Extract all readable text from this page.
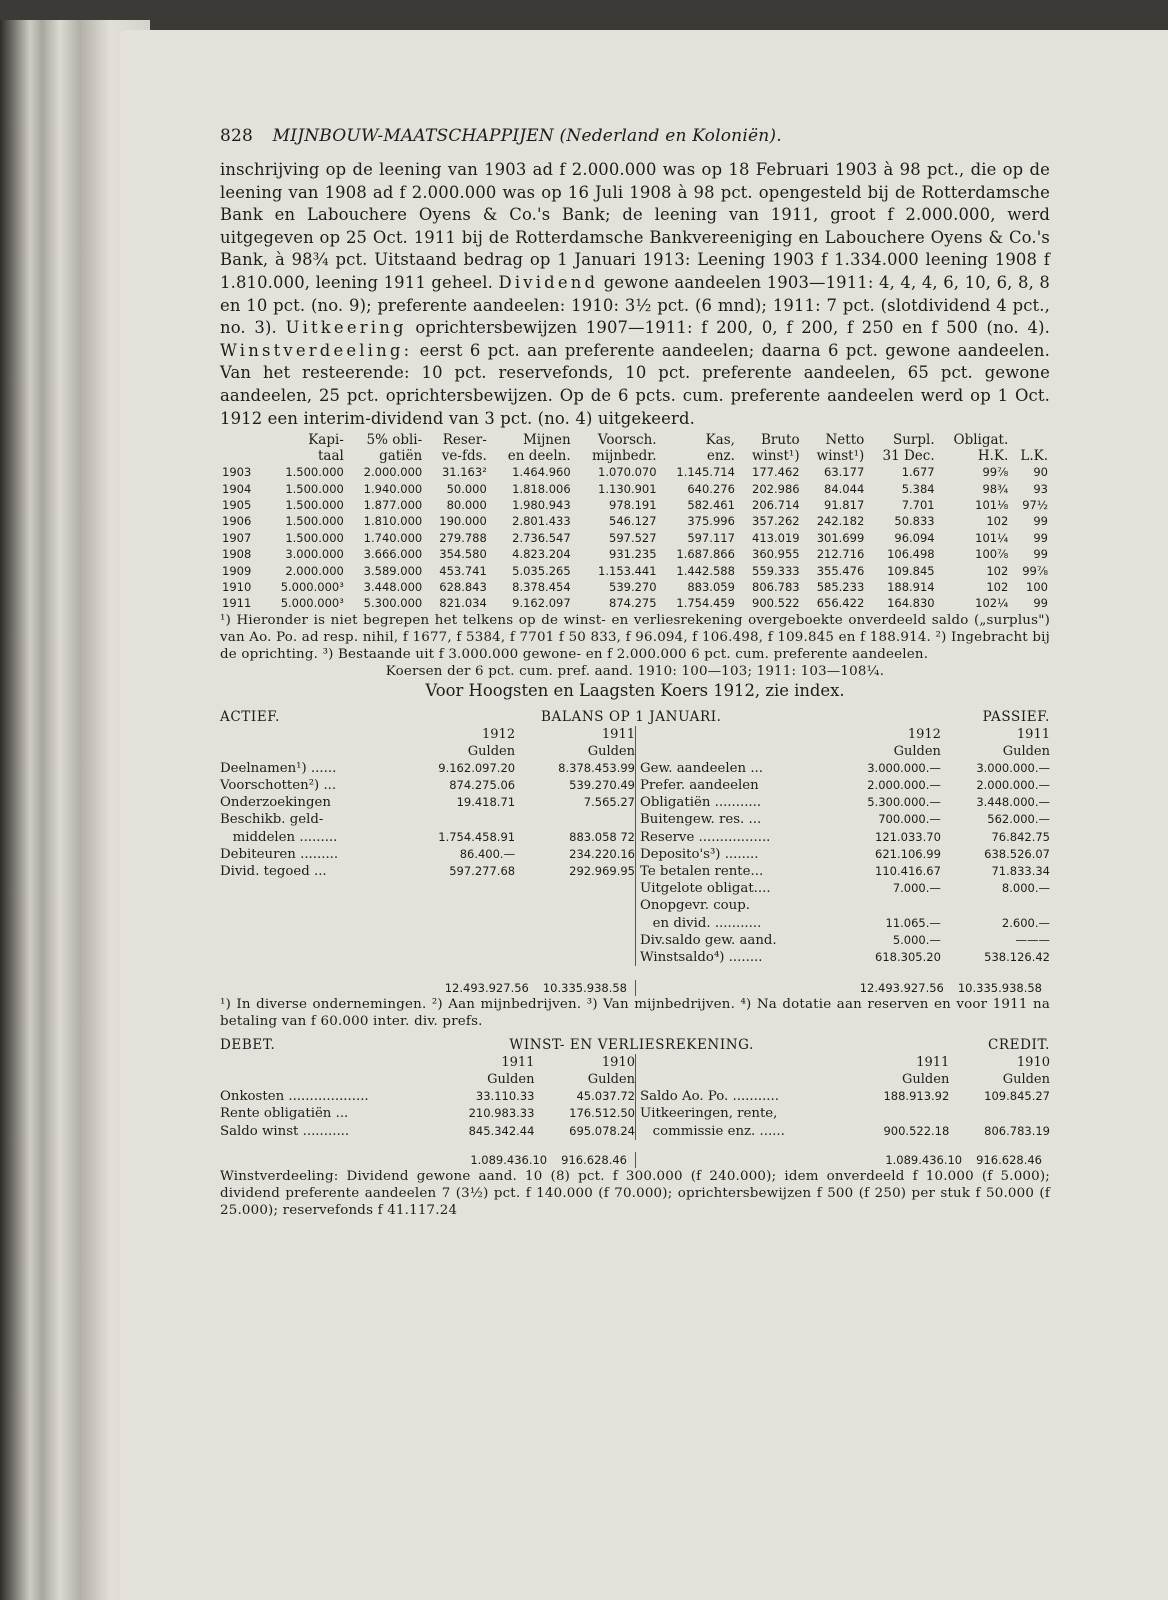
828 MIJNBOUW-MAATSCHAPPIJEN (Nederland en Koloniën).
inschrijving op de leening van 1903 ad f 2.000.000 was op 18 Februari 1903 à 98 pct., die op de leening van 1908 ad f 2.000.000 was op 16 Juli 1908 à 98 pct. opengesteld bij de Rotterdamsche Bank en Labouchere Oyens & Co.'s Bank; de leening van 1911, groot f 2.000.000, werd uitgegeven op 25 Oct. 1911 bij de Rotterdamsche Bankvereeniging en Labouchere Oyens & Co.'s Bank, à 98¾ pct. Uitstaand bedrag op 1 Januari 1913: Leening 1903 f 1.334.000 leening 1908 f 1.810.000, leening 1911 geheel. Dividend gewone aandeelen 1903—1911: 4, 4, 4, 6, 10, 6, 8, 8 en 10 pct. (no. 9); preferente aandeelen: 1910: 3½ pct. (6 mnd); 1911: 7 pct. (slotdividend 4 pct., no. 3). Uitkeering oprichtersbewijzen 1907—1911: f 200, 0, f 200, f 250 en f 500 (no. 4). Winstverdeeling: eerst 6 pct. aan preferente aandeelen; daarna 6 pct. gewone aandeelen. Van het resteerende: 10 pct. reservefonds, 10 pct. preferente aandeelen, 65 pct. gewone aandeelen, 25 pct. oprichtersbewijzen. Op de 6 pcts. cum. preferente aandeelen werd op 1 Oct. 1912 een interim-dividend van 3 pct. (no. 4) uitgekeerd.
	Kapi-	5% obli-	Reser-	Mijnen	Voorsch.	Kas,	Bruto	Netto	Surpl.	Obligat.	
	taal	gatiën	ve-fds.	en deeln.	mijnbedr.	enz.	winst¹)	winst¹)	31 Dec.	H.K.	L.K.
1903	1.500.000	2.000.000	31.163²	1.464.960	1.070.070	1.145.714	177.462	63.177	1.677	99⅞	90
1904	1.500.000	1.940.000	50.000	1.818.006	1.130.901	640.276	202.986	84.044	5.384	98¾	93
1905	1.500.000	1.877.000	80.000	1.980.943	978.191	582.461	206.714	91.817	7.701	101⅛	97½
1906	1.500.000	1.810.000	190.000	2.801.433	546.127	375.996	357.262	242.182	50.833	102	99
1907	1.500.000	1.740.000	279.788	2.736.547	597.527	597.117	413.019	301.699	96.094	101¼	99
1908	3.000.000	3.666.000	354.580	4.823.204	931.235	1.687.866	360.955	212.716	106.498	100⅞	99
1909	2.000.000	3.589.000	453.741	5.035.265	1.153.441	1.442.588	559.333	355.476	109.845	102	99⅞
1910	5.000.000³	3.448.000	628.843	8.378.454	539.270	883.059	806.783	585.233	188.914	102	100
1911	5.000.000³	5.300.000	821.034	9.162.097	874.275	1.754.459	900.522	656.422	164.830	102¼	99
¹) Hieronder is niet begrepen het telkens op de winst- en verliesrekening overgeboekte onverdeeld saldo („surplus") van Ao. Po. ad resp. nihil, f 1677, f 5384, f 7701 f 50 833, f 96.094, f 106.498, f 109.845 en f 188.914. ²) Ingebracht bij de oprichting. ³) Bestaande uit f 3.000.000 gewone- en f 2.000.000 6 pct. cum. preferente aandeelen.
Koersen der 6 pct. cum. pref. aand. 1910: 100—103; 1911: 103—108¼.
Voor Hoogsten en Laagsten Koers 1912, zie index.
ACTIEF.	BALANS OP 1 JANUARI.	PASSIEF.
	1912	1911
	Gulden	Gulden
Deelnamen¹) ......	9.162.097.20	8.378.453.99
Voorschotten²) ...	874.275.06	539.270.49
Onderzoekingen	19.418.71	7.565.27
Beschikb. geld-		
middelen .........	1.754.458.91	883.058 72
Debiteuren .........	86.400.—	234.220.16
Divid. tegoed ...	597.277.68	292.969.95
	1912	1911
	Gulden	Gulden
Gew. aandeelen ...	3.000.000.—	3.000.000.—
Prefer. aandeelen	2.000.000.—	2.000.000.—
Obligatiën ...........	5.300.000.—	3.448.000.—
Buitengew. res. ...	700.000.—	562.000.—
Reserve .................	121.033.70	76.842.75
Deposito's³) ........	621.106.99	638.526.07
Te betalen rente...	110.416.67	71.833.34
Uitgelote obligat....	7.000.—	8.000.—
Onopgevr. coup.		
en divid. ...........	11.065.—	2.600.—
Div.saldo gew. aand.	5.000.—	———
Winstsaldo⁴) ........	618.305.20	538.126.42
12.493.927.56 10.335.938.58	12.493.927.56 10.335.938.58
¹) In diverse ondernemingen. ²) Aan mijnbedrijven. ³) Van mijnbedrijven. ⁴) Na dotatie aan reserven en voor 1911 na betaling van f 60.000 inter. div. prefs.
DEBET.	WINST- EN VERLIESREKENING.	CREDIT.
	1911	1910
	Gulden	Gulden
Onkosten ...................	33.110.33	45.037.72
Rente obligatiën ...	210.983.33	176.512.50
Saldo winst ...........	845.342.44	695.078.24
	1911	1910
	Gulden	Gulden
Saldo Ao. Po. ...........	188.913.92	109.845.27
Uitkeeringen, rente,		
commissie enz. ......	900.522.18	806.783.19
1.089.436.10 916.628.46	1.089.436.10 916.628.46
Winstverdeeling: Dividend gewone aand. 10 (8) pct. f 300.000 (f 240.000); idem onverdeeld f 10.000 (f 5.000); dividend preferente aandeelen 7 (3½) pct. f 140.000 (f 70.000); oprichtersbewijzen f 500 (f 250) per stuk f 50.000 (f 25.000); reservefonds f 41.117.24
